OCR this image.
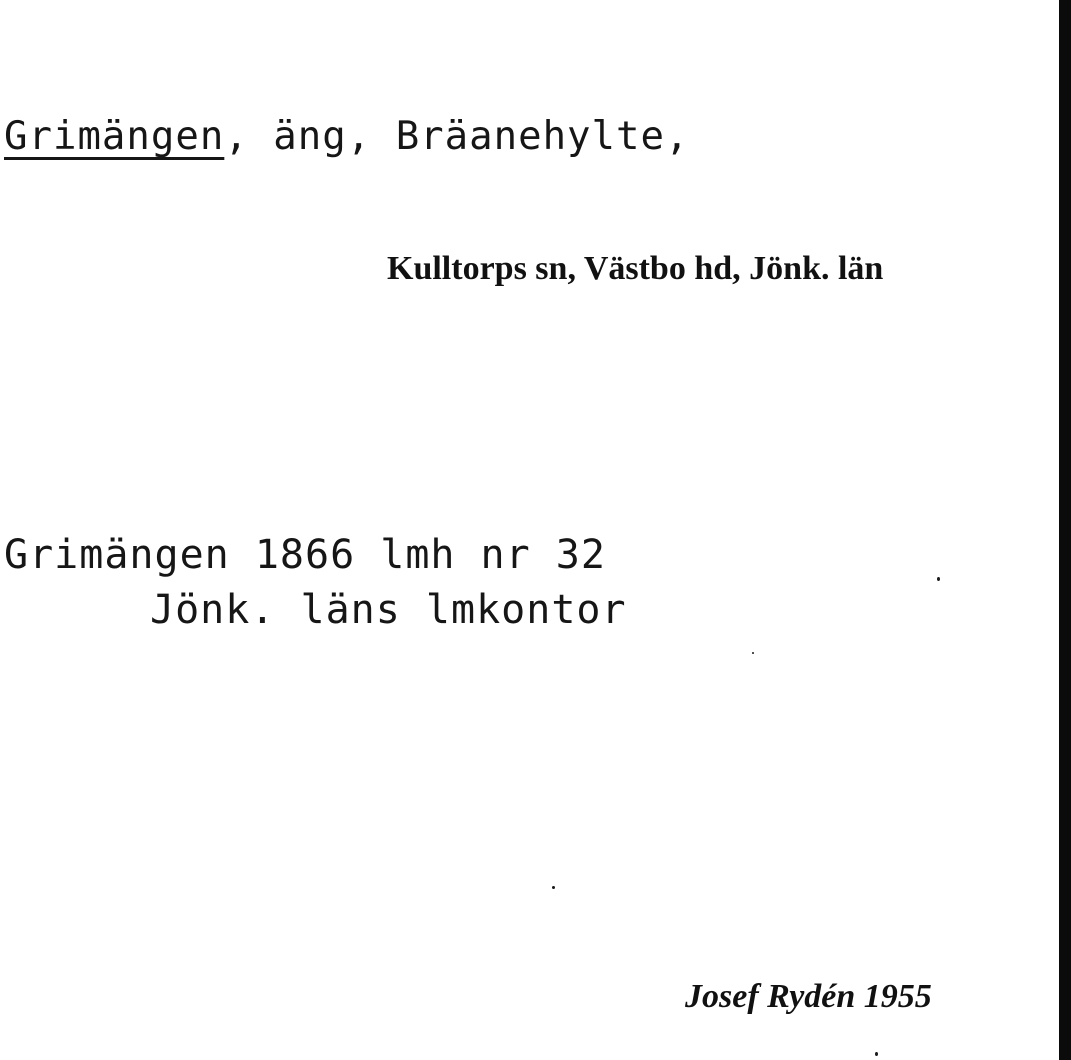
Grimängen, äng, Bräanehylte,
Kulltorps sn, Västbo hd, Jönk. län
Grimängen 1866 lmh nr 32
Jönk. läns lmkontor
Josef Rydén 1955
